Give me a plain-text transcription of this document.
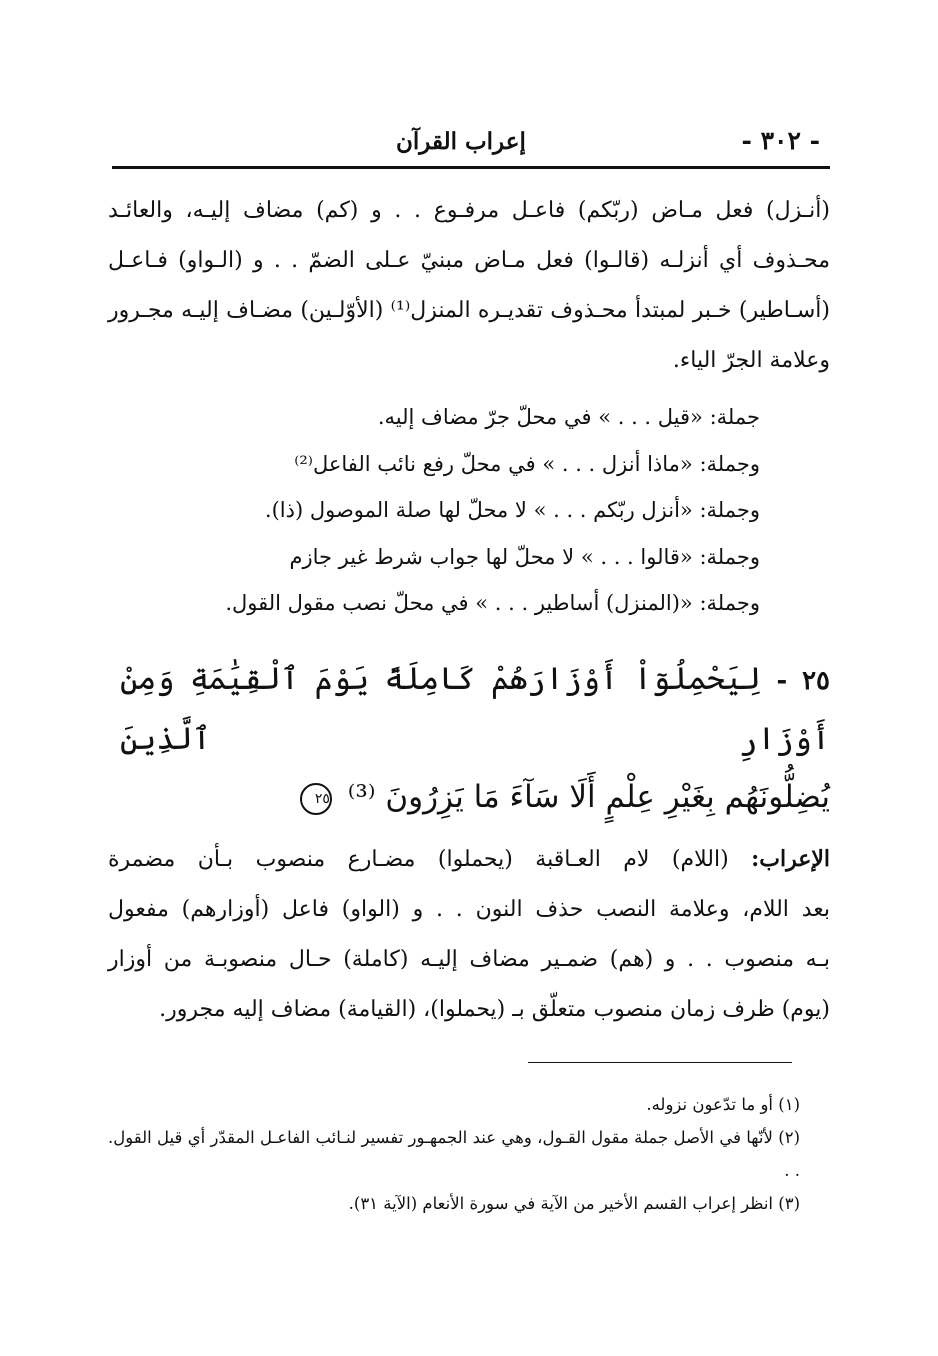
- ٣٠٢ -
إعراب القرآن

(أنـزل) فعل مـاض (ربّكم) فاعـل مرفـوع . . و (كم) مضاف إليـه، والعائـد

محـذوف أي أنزلـه (قالـوا) فعل مـاض مبنيّ عـلى الضمّ . . و (الـواو) فـاعـل

(أسـاطير) خـبر لمبتدأ محـذوف تقديـره المنزل⁽¹⁾ (الأوّلـين) مضـاف إليـه مجـرور

وعلامة الجرّ الياء.

جملة: «قيل . . . » في محلّ جرّ مضاف إليه.

وجملة: «ماذا أنزل . . . » في محلّ رفع نائب الفاعل⁽²⁾

وجملة: «أنزل ربّكم . . . » لا محلّ لها صلة الموصول (ذا).

وجملة: «قالوا . . . » لا محلّ لها جواب شرط غير جازم

وجملة: «(المنزل) أساطير . . . » في محلّ نصب مقول القول.

٢٥ - لِيَحْمِلُوٓاْ أَوْزَارَهُمْ كَامِلَةً يَوْمَ ٱلْقِيَٰمَةِ وَمِنْ أَوْزَارِ ٱلَّذِينَ

يُضِلُّونَهُم بِغَيْرِ عِلْمٍ أَلَا سَآءَ مَا يَزِرُونَ ⁽³⁾ ٢٥

الإعراب: (اللام) لام العـاقبة (يحملوا) مضـارع منصوب بـأن مضمرة

بعد اللام، وعلامة النصب حذف النون . . و (الواو) فاعل (أوزارهم) مفعول

بـه منصوب . . و (هم) ضمـير مضاف إليـه (كاملة) حـال منصوبـة من أوزار

(يوم) ظرف زمان منصوب متعلّق بـ (يحملوا)، (القيامة) مضاف إليه مجرور.

(١) أو ما تدّعون نزوله.

(٢) لأنّها في الأصل جملة مقول القـول، وهي عند الجمهـور تفسير لنـائب الفاعـل المقدّر أي قيل القول. . .

(٣) انظر إعراب القسم الأخير من الآية في سورة الأنعام (الآية ٣١).
